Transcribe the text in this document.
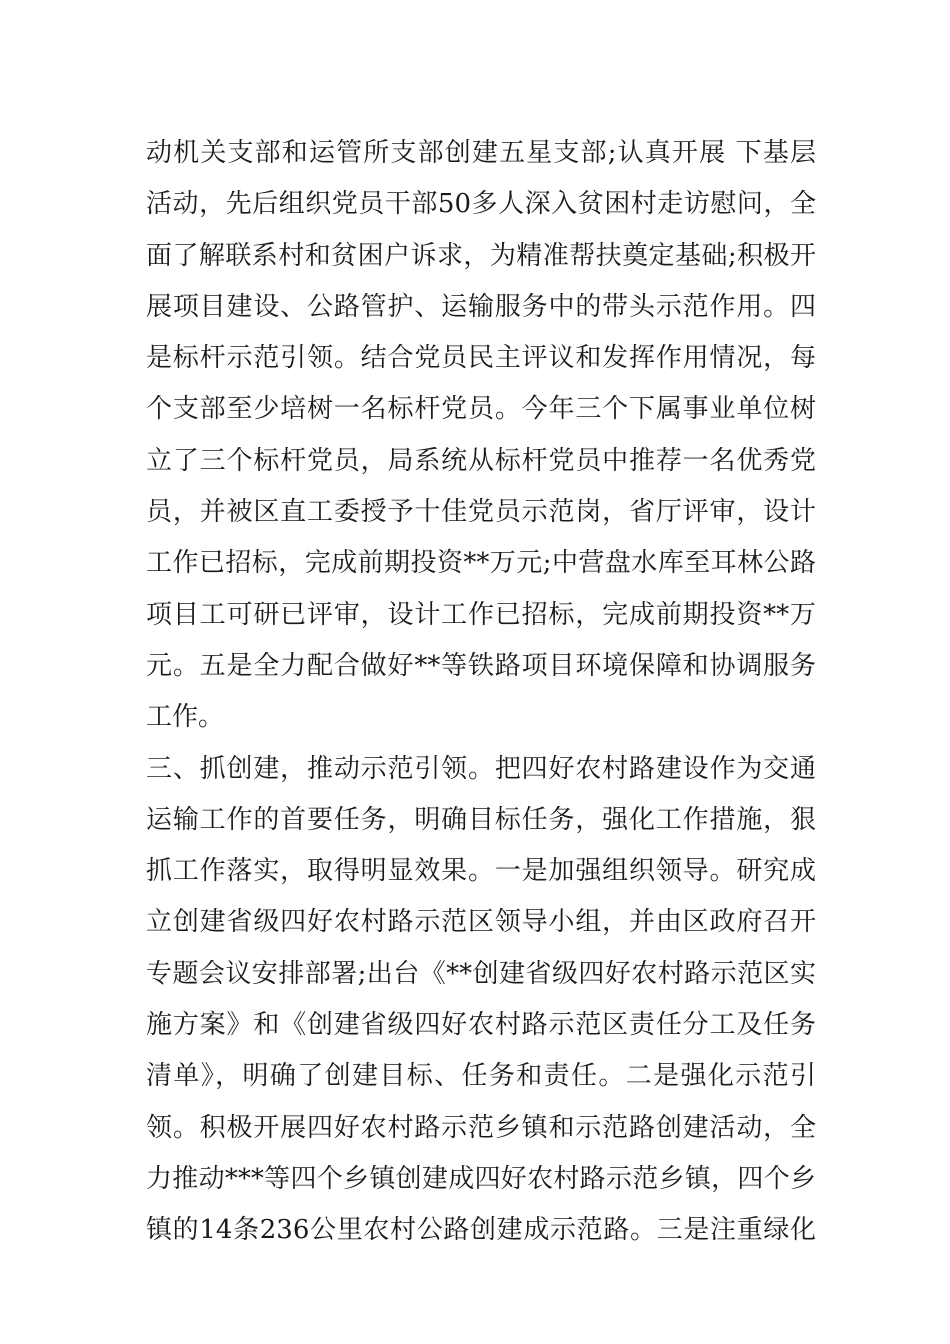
动机关支部和运管所支部创建五星支部;认真开展 下基层
活动，先后组织党员干部50多人深入贫困村走访慰问，全
面了解联系村和贫困户诉求，为精准帮扶奠定基础;积极开
展项目建设、公路管护、运输服务中的带头示范作用。四
是标杆示范引领。结合党员民主评议和发挥作用情况，每
个支部至少培树一名标杆党员。今年三个下属事业单位树
立了三个标杆党员，局系统从标杆党员中推荐一名优秀党
员，并被区直工委授予十佳党员示范岗，省厅评审，设计
工作已招标，完成前期投资**万元;中营盘水库至耳林公路
项目工可研已评审，设计工作已招标，完成前期投资**万
元。五是全力配合做好**等铁路项目环境保障和协调服务
工作。
三、抓创建，推动示范引领。把四好农村路建设作为交通
运输工作的首要任务，明确目标任务，强化工作措施，狠
抓工作落实，取得明显效果。一是加强组织领导。研究成
立创建省级四好农村路示范区领导小组，并由区政府召开
专题会议安排部署;出台《**创建省级四好农村路示范区实
施方案》和《创建省级四好农村路示范区责任分工及任务
清单》，明确了创建目标、任务和责任。二是强化示范引
领。积极开展四好农村路示范乡镇和示范路创建活动，全
力推动***等四个乡镇创建成四好农村路示范乡镇，四个乡
镇的14条236公里农村公路创建成示范路。三是注重绿化
